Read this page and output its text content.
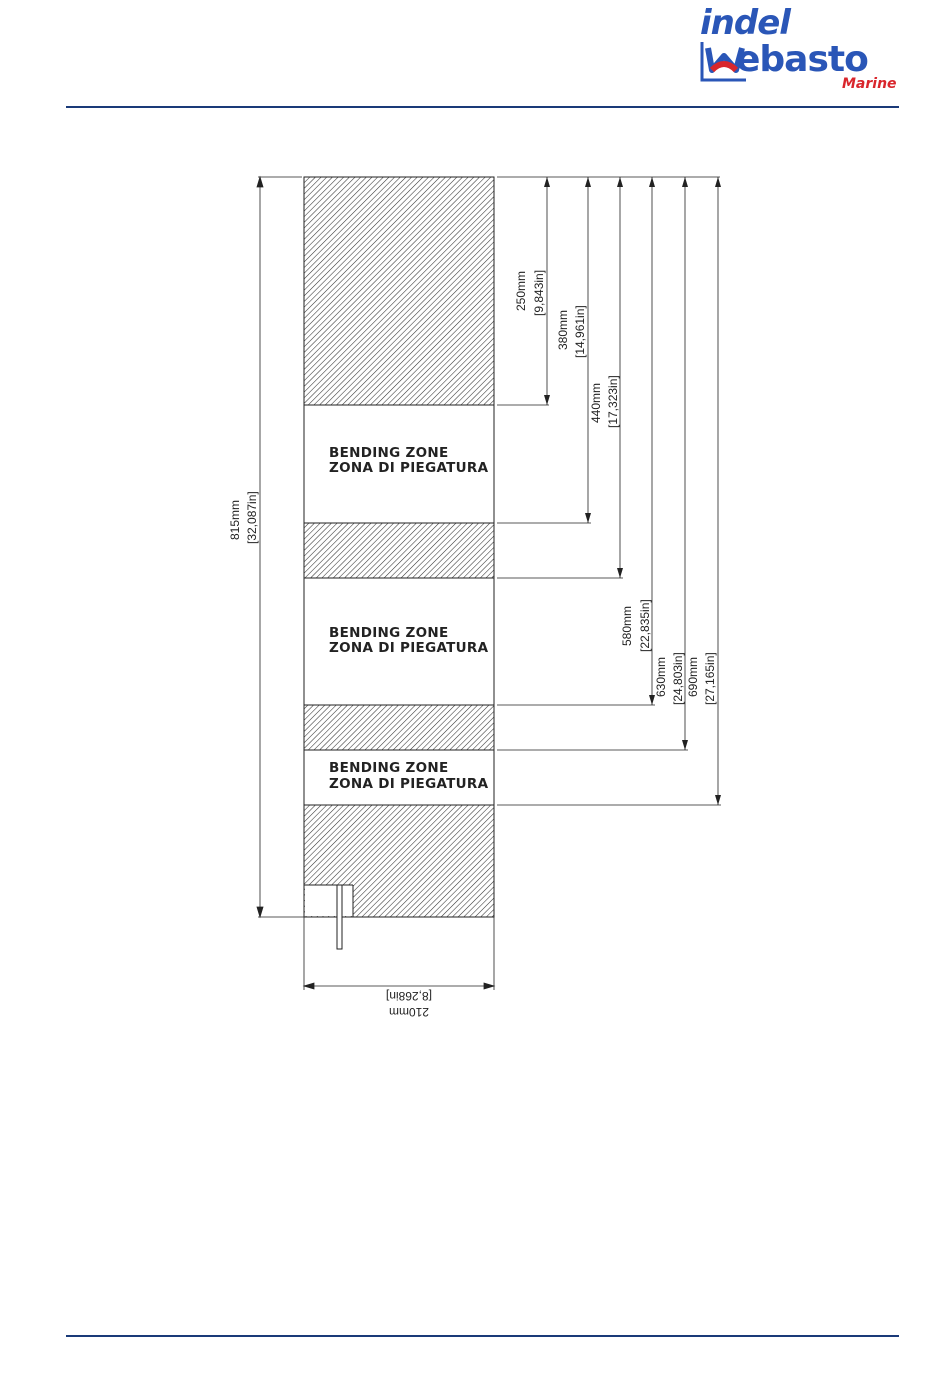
indel
ebasto
Marine
BENDING ZONE
ZONA DI PIEGATURA
BENDING ZONE
ZONA DI PIEGATURA
BENDING ZONE
ZONA DI PIEGATURA
815mm [32,087in]
[8,268in]
210mm
250mm [9,843in]
380mm [14,961in]
440mm [17,323in]
580mm [22,835in]
630mm [24,803in] 690mm [27,165in]
